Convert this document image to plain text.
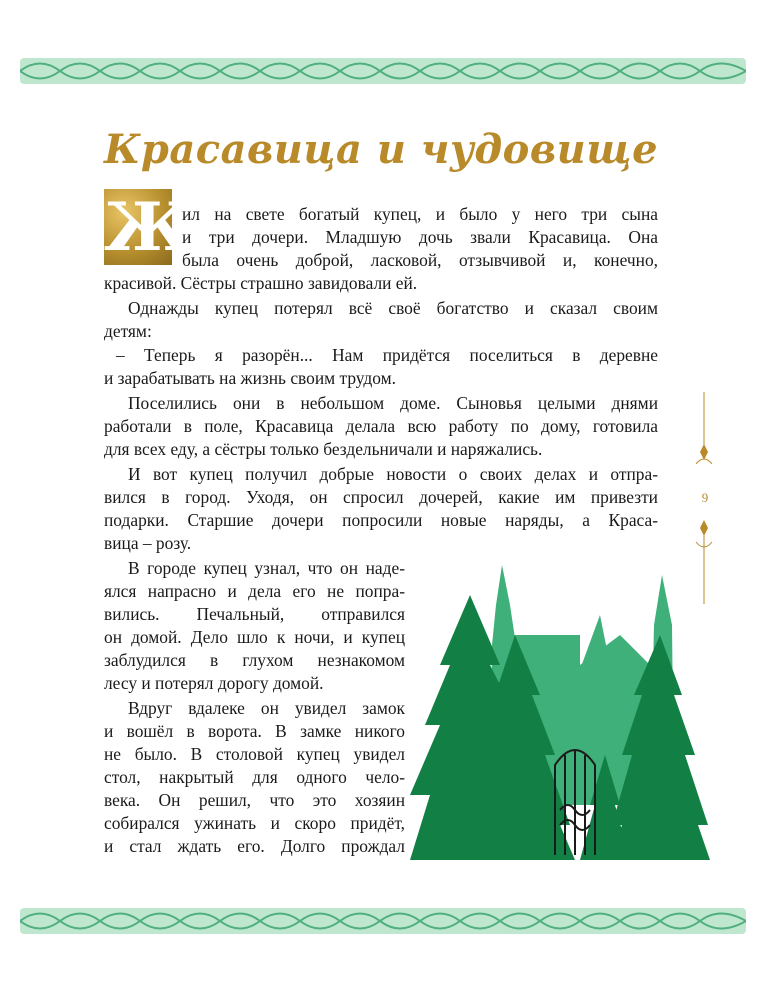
Красавица и чудовище
Ж
ил на свете богатый купец, и было у него три сына
и три дочери. Младшую дочь звали Красавица. Она
была очень доброй, ласковой, отзывчивой и, конечно,
красивой. Сёстры страшно завидовали ей.
Однажды купец потерял всё своё богатство и сказал своим
детям:
– Теперь я разорён... Нам придётся поселиться в деревне
и зарабатывать на жизнь своим трудом.
Поселились они в небольшом доме. Сыновья целыми днями
работали в поле, Красавица делала всю работу по дому, готовила
для всех еду, а сёстры только бездельничали и наряжались.
И вот купец получил добрые новости о своих делах и отпра-
вился в город. Уходя, он спросил дочерей, какие им привезти
подарки. Старшие дочери попросили новые наряды, а Краса-
вица – розу.
В городе купец узнал, что он наде-
ялся напрасно и дела его не попра-
вились. Печальный, отправился
он домой. Дело шло к ночи, и купец
заблудился в глухом незнакомом
лесу и потерял дорогу домой.
Вдруг вдалеке он увидел замок
и вошёл в ворота. В замке никого
не было. В столовой купец увидел
стол, накрытый для одного чело-
века. Он решил, что это хозяин
собирался ужинать и скоро придёт,
и стал ждать его. Долго прождал
9
